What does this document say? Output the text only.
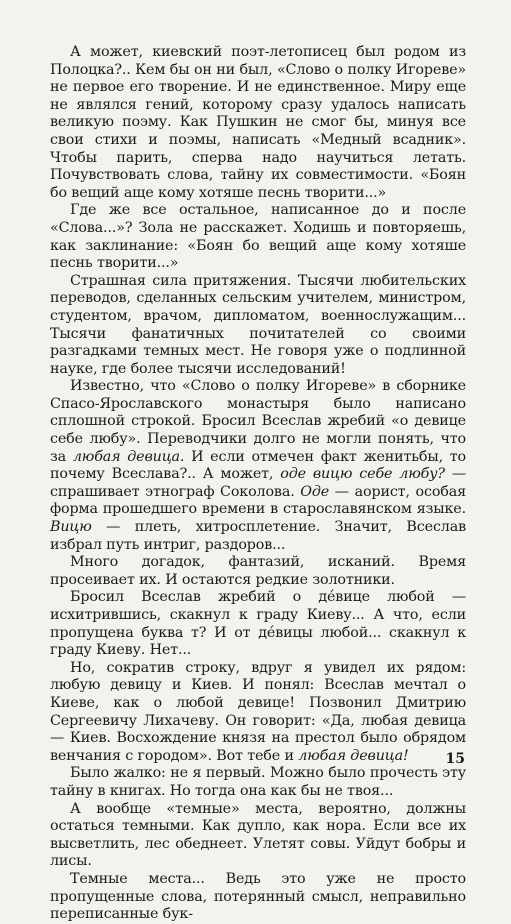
А может, киевский поэт-летописец был родом из Полоцка?.. Кем бы он ни был, «Слово о полку Игореве» не первое его творение. И не единственное. Миру еще не являлся гений, которому сразу удалось написать великую поэму. Как Пушкин не смог бы, минуя все свои стихи и поэмы, написать «Медный всадник». Чтобы парить, сперва надо научиться летать. Почувствовать слова, тайну их совместимости. «Боян бо вещий аще кому хотяше песнь творити...»

Где же все остальное, написанное до и после «Слова...»? Зола не расскажет. Ходишь и повторяешь, как заклинание: «Боян бо вещий аще кому хотяше песнь творити...»

Страшная сила притяжения. Тысячи любительских переводов, сделанных сельским учителем, министром, студентом, врачом, дипломатом, военнослужащим... Тысячи фанатичных почитателей со своими разгадками темных мест. Не говоря уже о подлинной науке, где более тысячи исследований!

Известно, что «Слово о полку Игореве» в сборнике Спасо-Ярославского монастыря было написано сплошной строкой. Бросил Всеслав жребий «о девице себе любу». Переводчики долго не могли понять, что за любая девица. И если отмечен факт женитьбы, то почему Всеслава?.. А может, оде вицю себе любу? — спрашивает этнограф Соколова. Оде — аорист, особая форма прошедшего времени в старославянском языке. Вицю — плеть, хитросплетение. Значит, Всеслав избрал путь интриг, раздоров...

Много догадок, фантазий, исканий. Время просеивает их. И остаются редкие золотники.

Бросил Всеслав жребий о дéвице любой — исхитрившись, скакнул к граду Киеву... А что, если пропущена буква т? И от дéвицы любой... скакнул к граду Киеву. Нет...

Но, сократив строку, вдруг я увидел их рядом: любую девицу и Киев. И понял: Всеслав мечтал о Киеве, как о любой девице! Позвонил Дмитрию Сергеевичу Лихачеву. Он говорит: «Да, любая девица — Киев. Восхождение князя на престол было обрядом венчания с городом». Вот тебе и любая девица!

Было жалко: не я первый. Можно было прочесть эту тайну в книгах. Но тогда она как бы не твоя...

А вообще «темные» места, вероятно, должны остаться темными. Как дупло, как нора. Если все их высветлить, лес обеднеет. Улетят совы. Уйдут бобры и лисы.

Темные места... Ведь это уже не просто пропущенные слова, потерянный смысл, неправильно переписанные бук-

15
